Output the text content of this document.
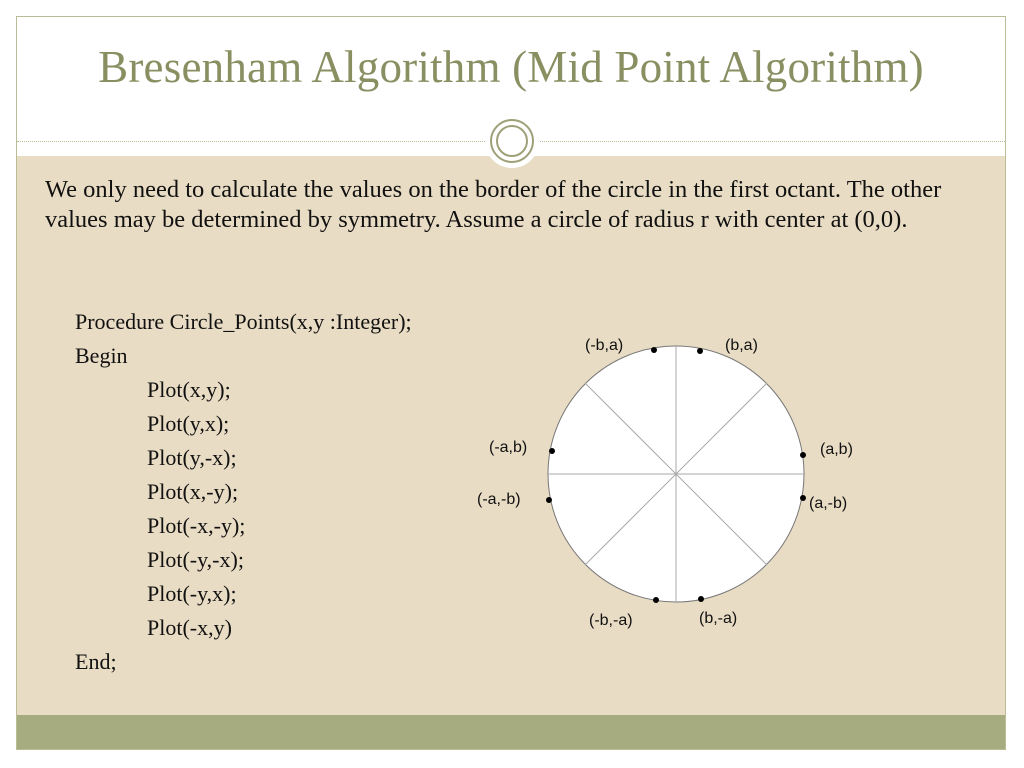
Bresenham Algorithm (Mid Point Algorithm)

We only need to calculate the values on the border of the circle in the first octant. The other values may be determined by symmetry. Assume a circle of radius r with center at (0,0).

Procedure Circle_Points(x,y :Integer);
Begin
Plot(x,y);
Plot(y,x);
Plot(y,-x);
Plot(x,-y);
Plot(-x,-y);
Plot(-y,-x);
Plot(-y,x);
Plot(-x,y)
End;
(-b,a)	(b,a)
(-a,b)	(a,b)
(-a,-b)	(a,-b)
(-b,-a)	(b,-a)
